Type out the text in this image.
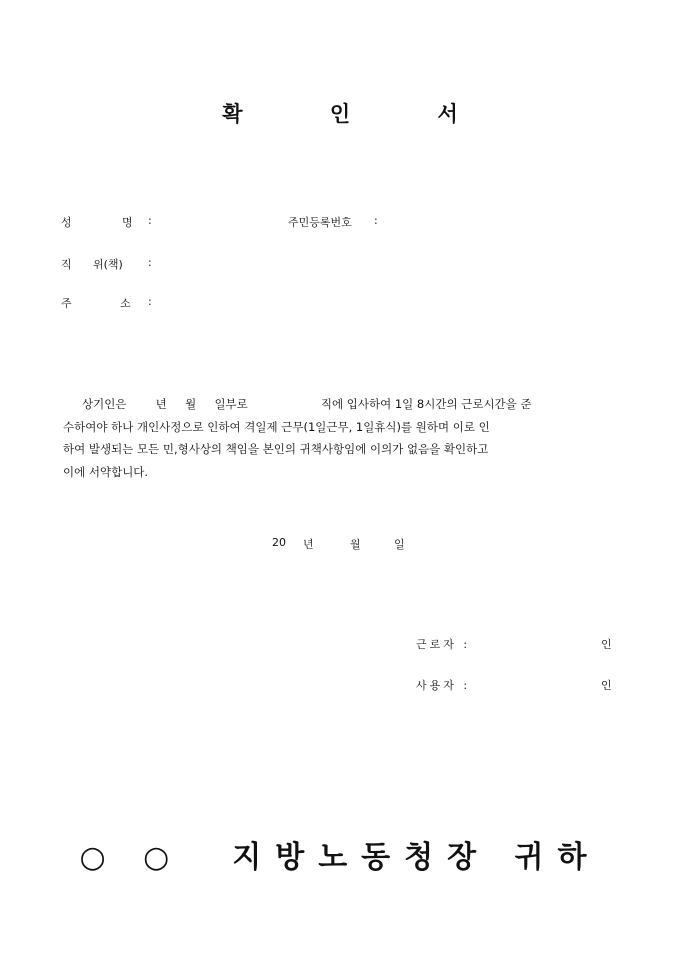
확 인 서
성	명 :	주민등록번호 :
직 위(책) :
주	소 :
상기인은        년     월     일부로                    직에 입사하여 1일 8시간의 근로시간을 준
수하여야 하나 개인사정으로 인하여 격일제 근무(1일근무, 1일휴식)를 원하며 이로 인
하여 발생되는 모든 민,형사상의 책임을 본인의 귀책사항임에 이의가 없음을 확인하고
이에 서약합니다.
20 년	월	일
근로자 :	인
사용자 :	인
○ ○ 지방노동청장 귀하
